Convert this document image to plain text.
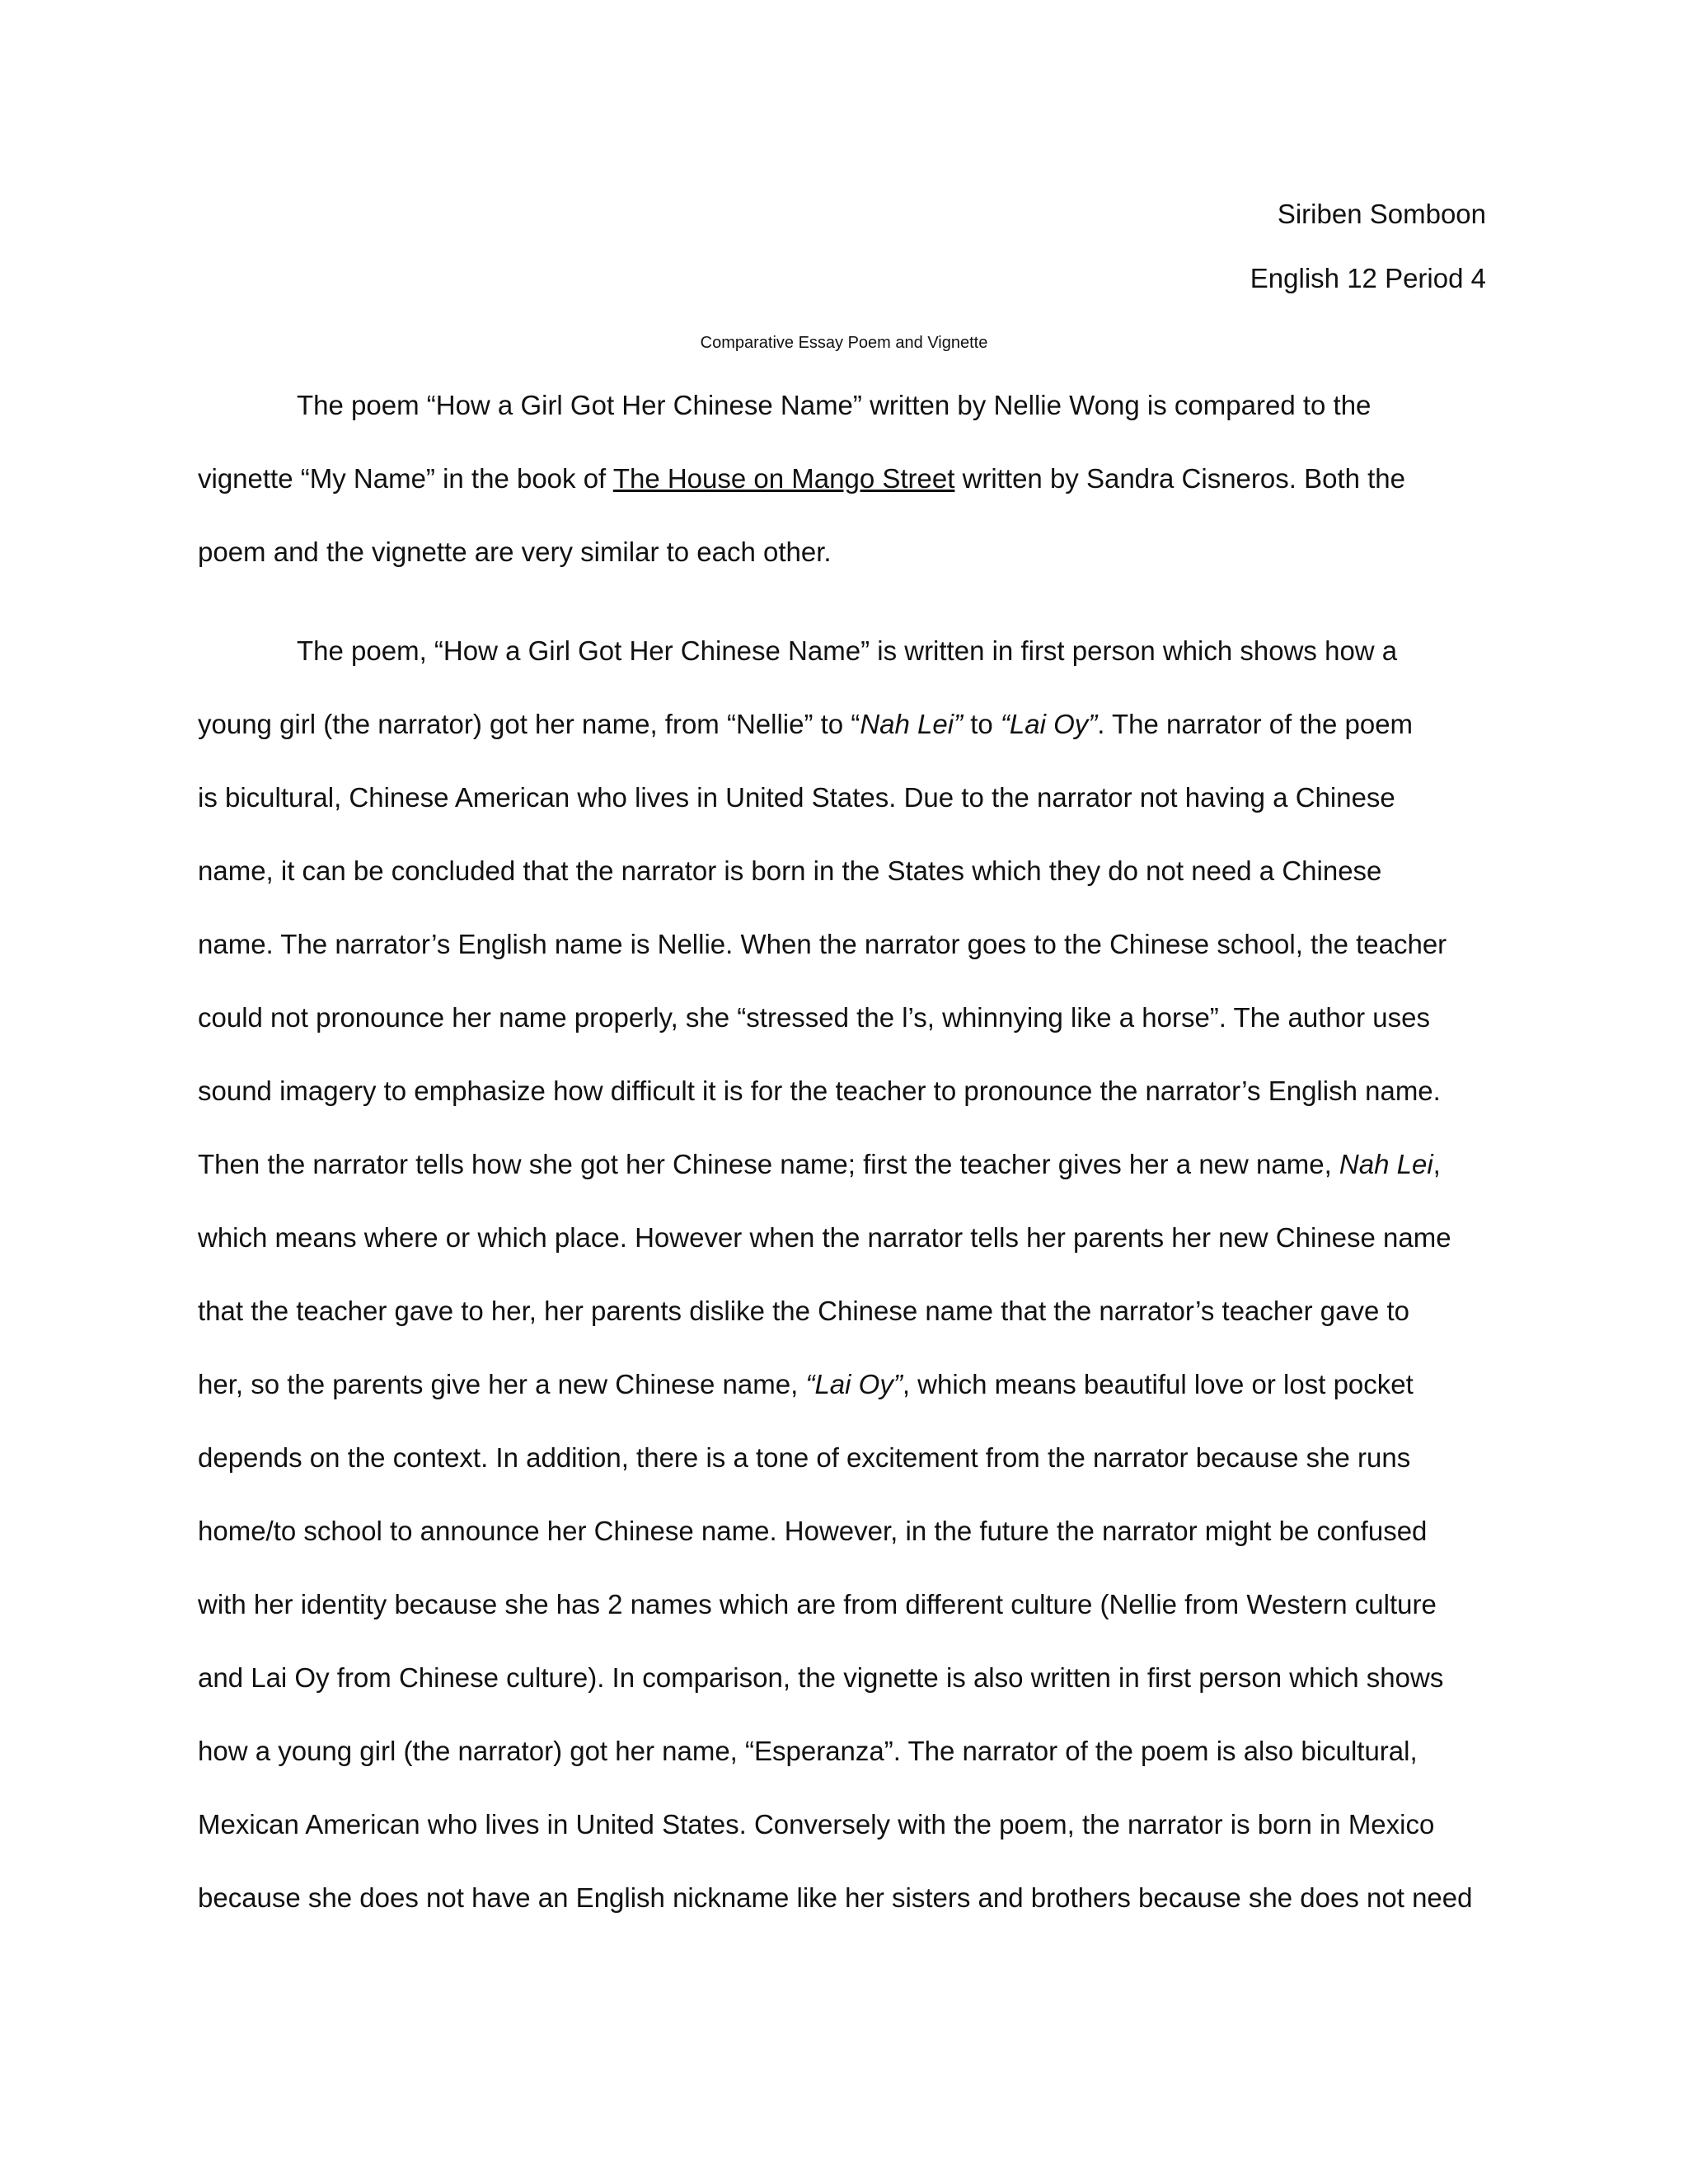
Siriben Somboon
English 12 Period 4
Comparative Essay Poem and Vignette
The poem “How a Girl Got Her Chinese Name” written by Nellie Wong is compared to the
vignette “My Name” in the book of The House on Mango Street written by Sandra Cisneros. Both the
poem and the vignette are very similar to each other.
The poem, “How a Girl Got Her Chinese Name” is written in first person which shows how a
young girl (the narrator) got her name, from “Nellie” to “Nah Lei” to “Lai Oy”. The narrator of the poem
is bicultural, Chinese American who lives in United States. Due to the narrator not having a Chinese
name, it can be concluded that the narrator is born in the States which they do not need a Chinese
name. The narrator’s English name is Nellie. When the narrator goes to the Chinese school, the teacher
could not pronounce her name properly, she “stressed the l’s, whinnying like a horse”. The author uses
sound imagery to emphasize how difficult it is for the teacher to pronounce the narrator’s English name.
Then the narrator tells how she got her Chinese name; first the teacher gives her a new name, Nah Lei,
which means where or which place. However when the narrator tells her parents her new Chinese name
that the teacher gave to her, her parents dislike the Chinese name that the narrator’s teacher gave to
her, so the parents give her a new Chinese name, “Lai Oy”, which means beautiful love or lost pocket
depends on the context. In addition, there is a tone of excitement from the narrator because she runs
home/to school to announce her Chinese name. However, in the future the narrator might be confused
with her identity because she has 2 names which are from different culture (Nellie from Western culture
and Lai Oy from Chinese culture). In comparison, the vignette is also written in first person which shows
how a young girl (the narrator) got her name, “Esperanza”. The narrator of the poem is also bicultural,
Mexican American who lives in United States. Conversely with the poem, the narrator is born in Mexico
because she does not have an English nickname like her sisters and brothers because she does not need
